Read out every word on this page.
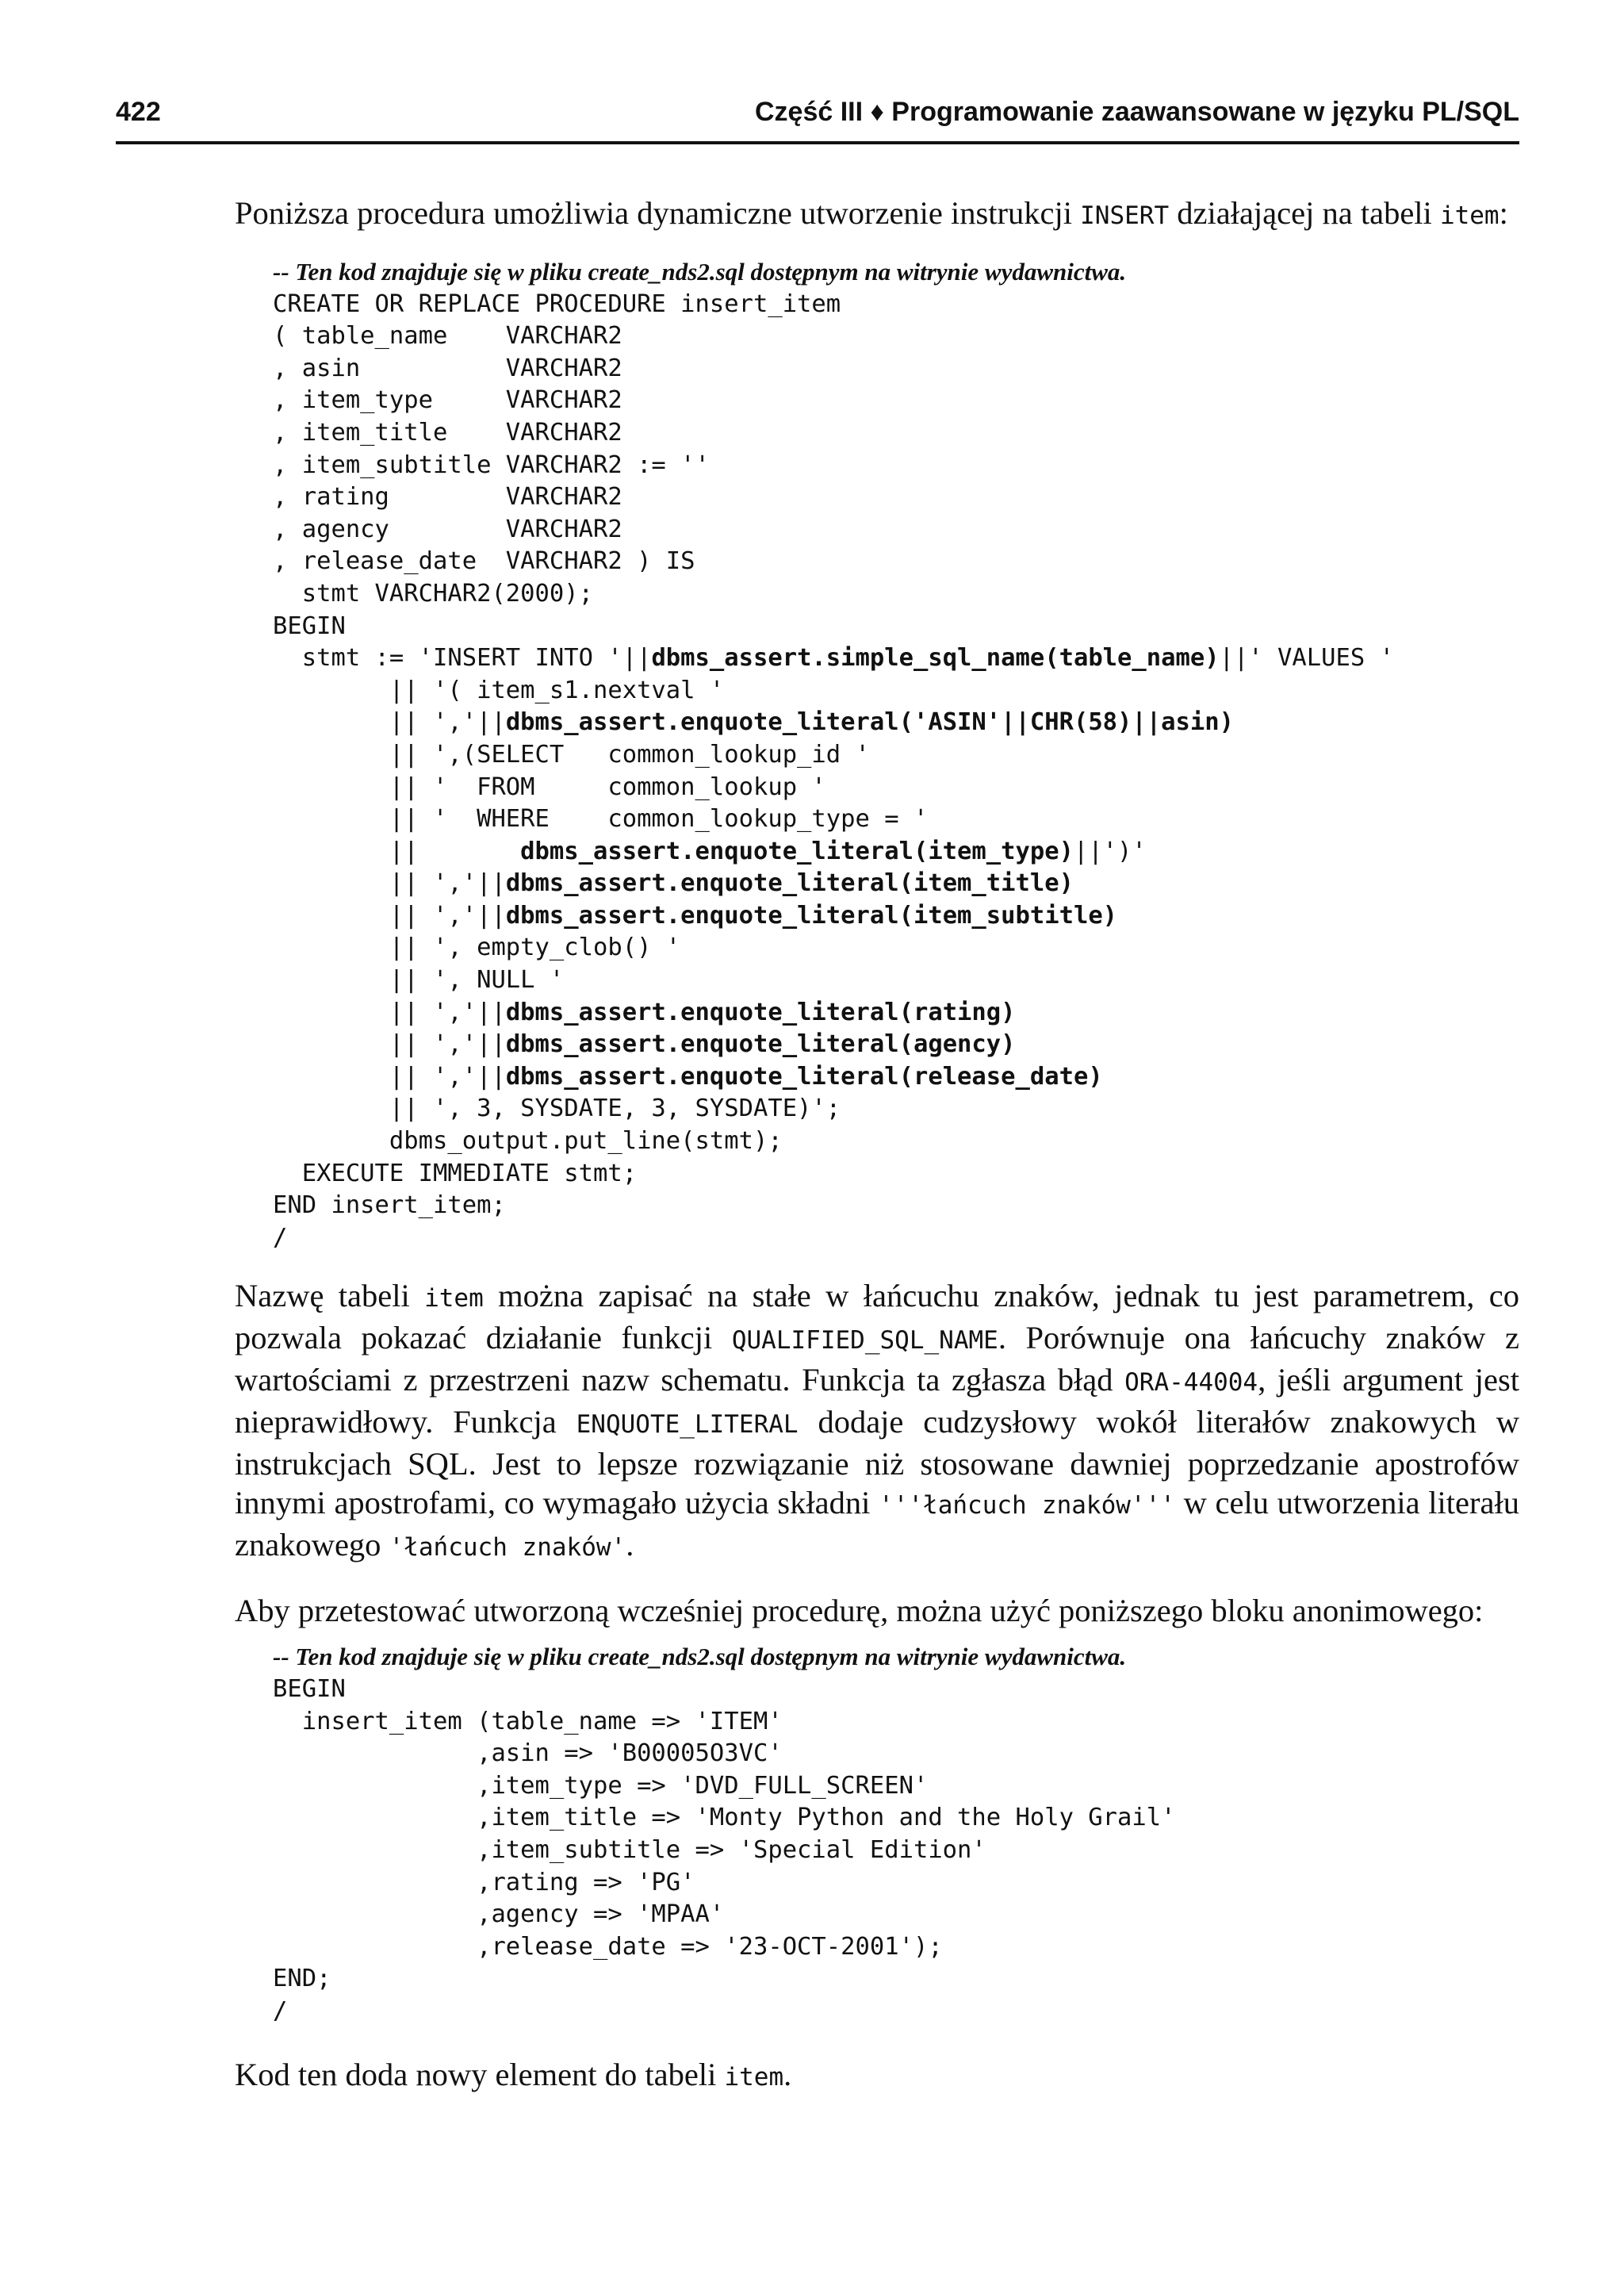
422	Część III ♦ Programowanie zaawansowane w języku PL/SQL

Poniższa procedura umożliwia dynamiczne utworzenie instrukcji INSERT działającej na tabeli item:

-- Ten kod znajduje się w pliku create_nds2.sql dostępnym na witrynie wydawnictwa.
CREATE OR REPLACE PROCEDURE insert_item
( table_name    VARCHAR2
, asin          VARCHAR2
, item_type     VARCHAR2
, item_title    VARCHAR2
, item_subtitle VARCHAR2 := ''
, rating        VARCHAR2
, agency        VARCHAR2
, release_date  VARCHAR2 ) IS
stmt VARCHAR2(2000);
BEGIN
stmt := 'INSERT INTO '||dbms_assert.simple_sql_name(table_name)||' VALUES '
|| '( item_s1.nextval '
|| ','||dbms_assert.enquote_literal('ASIN'||CHR(58)||asin)
|| ',(SELECT   common_lookup_id '
|| '  FROM     common_lookup '
|| '  WHERE    common_lookup_type = '
||       dbms_assert.enquote_literal(item_type)||')'
|| ','||dbms_assert.enquote_literal(item_title)
|| ','||dbms_assert.enquote_literal(item_subtitle)
|| ', empty_clob() '
|| ', NULL '
|| ','||dbms_assert.enquote_literal(rating)
|| ','||dbms_assert.enquote_literal(agency)
|| ','||dbms_assert.enquote_literal(release_date)
|| ', 3, SYSDATE, 3, SYSDATE)';
dbms_output.put_line(stmt);
EXECUTE IMMEDIATE stmt;
END insert_item;
/

Nazwę tabeli item można zapisać na stałe w łańcuchu znaków, jednak tu jest parametrem, co pozwala pokazać działanie funkcji QUALIFIED_SQL_NAME. Porównuje ona łańcuchy znaków z wartościami z przestrzeni nazw schematu. Funkcja ta zgłasza błąd ORA-44004, jeśli argument jest nieprawidłowy. Funkcja ENQUOTE_LITERAL dodaje cudzysłowy wokół literałów znakowych w instrukcjach SQL. Jest to lepsze rozwiązanie niż stosowane dawniej poprzedzanie apostrofów innymi apostrofami, co wymagało użycia składni '''łańcuch znaków''' w celu utworzenia literału znakowego 'łańcuch znaków'.

Aby przetestować utworzoną wcześniej procedurę, można użyć poniższego bloku anonimowego:

-- Ten kod znajduje się w pliku create_nds2.sql dostępnym na witrynie wydawnictwa.
BEGIN
insert_item (table_name => 'ITEM'
,asin => 'B00005O3VC'
,item_type => 'DVD_FULL_SCREEN'
,item_title => 'Monty Python and the Holy Grail'
,item_subtitle => 'Special Edition'
,rating => 'PG'
,agency => 'MPAA'
,release_date => '23-OCT-2001');
END;
/

Kod ten doda nowy element do tabeli item.
